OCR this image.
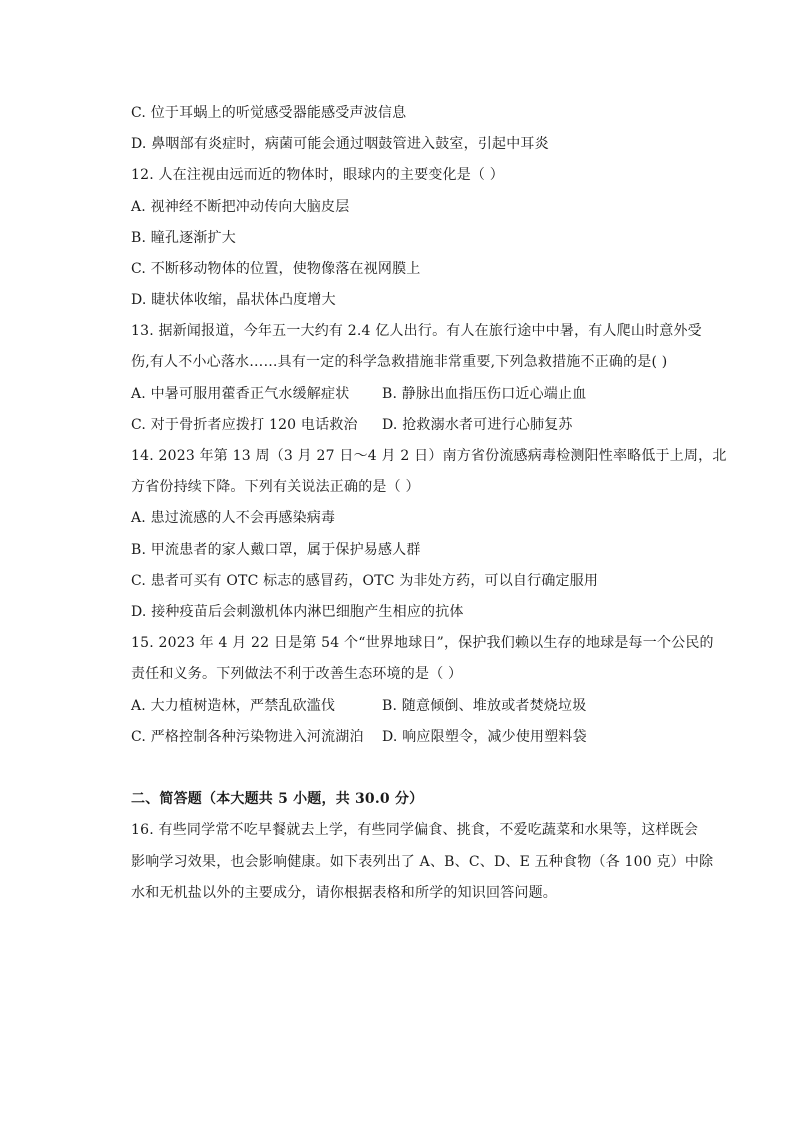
C. 位于耳蜗上的听觉感受器能感受声波信息
D. 鼻咽部有炎症时，病菌可能会通过咽鼓管进入鼓室，引起中耳炎
12. 人在注视由远而近的物体时，眼球内的主要变化是（ ）
A. 视神经不断把冲动传向大脑皮层
B. 瞳孔逐渐扩大
C. 不断移动物体的位置，使物像落在视网膜上
D. 睫状体收缩，晶状体凸度增大
13. 据新闻报道，今年五一大约有 2.4 亿人出行。有人在旅行途中中暑，有人爬山时意外受
伤,有人不小心落水……具有一定的科学急救措施非常重要,下列急救措施不正确的是( )
A. 中暑可服用藿香正气水缓解症状 B. 静脉出血指压伤口近心端止血
C. 对于骨折者应拨打 120 电话救治 D. 抢救溺水者可进行心肺复苏
14. 2023 年第 13 周（3 月 27 日～4 月 2 日）南方省份流感病毒检测阳性率略低于上周，北
方省份持续下降。下列有关说法正确的是（ ）
A. 患过流感的人不会再感染病毒
B. 甲流患者的家人戴口罩，属于保护易感人群
C. 患者可买有 OTC 标志的感冒药，OTC 为非处方药，可以自行确定服用
D. 接种疫苗后会刺激机体内淋巴细胞产生相应的抗体
15. 2023 年 4 月 22 日是第 54 个“世界地球日”，保护我们赖以生存的地球是每一个公民的
责任和义务。下列做法不利于改善生态环境的是（ ）
A. 大力植树造林，严禁乱砍滥伐	B. 随意倾倒、堆放或者焚烧垃圾
C. 严格控制各种污染物进入河流湖泊 D. 响应限塑令，减少使用塑料袋
二、简答题（本大题共 5 小题，共 30.0 分）
16. 有些同学常不吃早餐就去上学，有些同学偏食、挑食，不爱吃蔬菜和水果等，这样既会
影响学习效果，也会影响健康。如下表列出了 A、B、C、D、E 五种食物（各 100 克）中除
水和无机盐以外的主要成分，请你根据表格和所学的知识回答问题。
